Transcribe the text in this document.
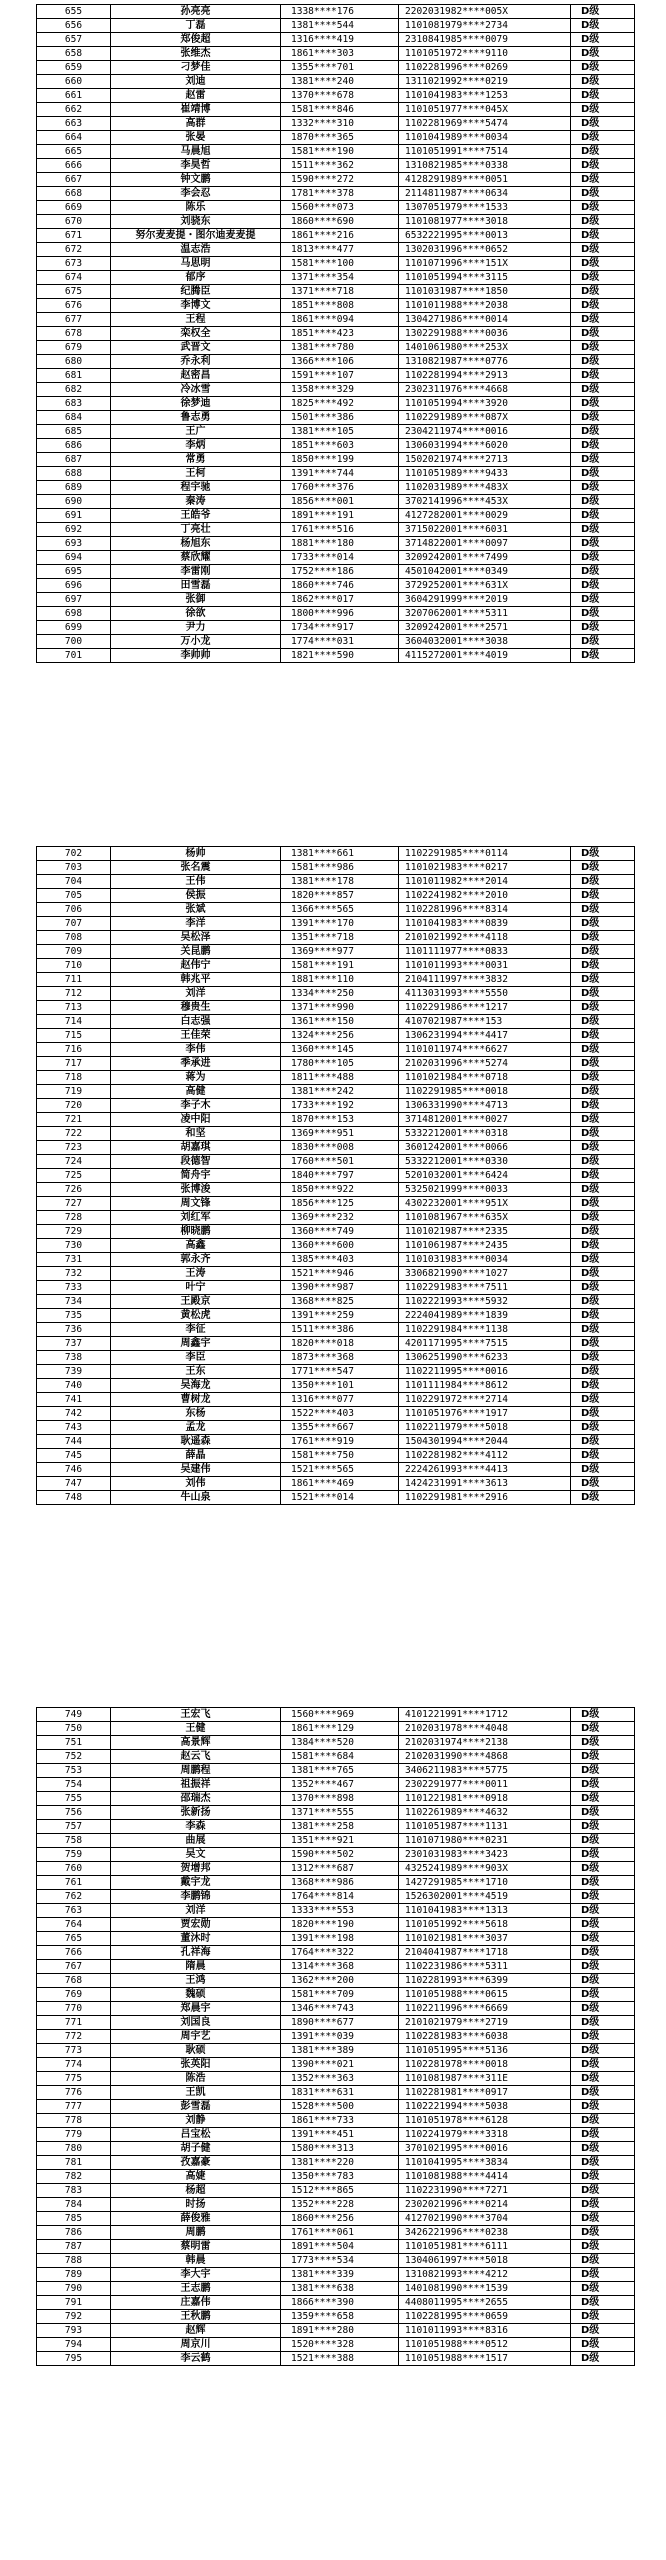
655	孙亮亮	1338****176	2202031982****005X	D级
656	丁磊	1381****544	1101081979****2734	D级
657	郑俊超	1316****419	2310841985****0079	D级
658	张维杰	1861****303	1101051972****9110	D级
659	刁梦佳	1355****701	1102281996****0269	D级
660	刘迪	1381****240	1311021992****0219	D级
661	赵雷	1370****678	1101041983****1253	D级
662	崔靖博	1581****846	1101051977****045X	D级
663	高群	1332****310	1102281969****5474	D级
664	张晏	1870****365	1101041989****0034	D级
665	马晨旭	1581****190	1101051991****7514	D级
666	李昊哲	1511****362	1310821985****0338	D级
667	钟文鹏	1590****272	4128291989****0051	D级
668	李会忍	1781****378	2114811987****0634	D级
669	陈乐	1560****073	1307051979****1533	D级
670	刘骁东	1860****690	1101081977****3018	D级
671	努尔麦麦提・图尔迪麦麦提	1861****216	6532221995****0013	D级
672	温志浩	1813****477	1302031996****0652	D级
673	马思明	1581****100	1101071996****151X	D级
674	郁序	1371****354	1101051994****3115	D级
675	纪腾臣	1371****718	1101031987****1850	D级
676	李博文	1851****808	1101011988****2038	D级
677	王程	1861****094	1304271986****0014	D级
678	栾权全	1851****423	1302291988****0036	D级
679	武晋文	1381****780	1401061980****253X	D级
680	乔永利	1366****106	1310821987****0776	D级
681	赵密昌	1591****107	1102281994****2913	D级
682	冷冰雪	1358****329	2302311976****4668	D级
683	徐梦迪	1825****492	1101051994****3920	D级
684	鲁志勇	1501****386	1102291989****087X	D级
685	王广	1381****105	2304211974****0016	D级
686	李炳	1851****603	1306031994****6020	D级
687	常勇	1850****199	1502021974****2713	D级
688	王柯	1391****744	1101051989****9433	D级
689	程宇驰	1760****376	1102031989****483X	D级
690	秦涛	1856****001	3702141996****453X	D级
691	王皓爷	1891****191	4127282001****0029	D级
692	丁亮壮	1761****516	3715022001****6031	D级
693	杨旭东	1881****180	3714822001****0097	D级
694	蔡欣耀	1733****014	3209242001****7499	D级
695	李雷刚	1752****186	4501042001****0349	D级
696	田雪磊	1860****746	3729252001****631X	D级
697	张御	1862****017	3604291999****2019	D级
698	徐欲	1800****996	3207062001****5311	D级
699	尹力	1734****917	3209242001****2571	D级
700	万小龙	1774****031	3604032001****3038	D级
701	李帅帅	1821****590	4115272001****4019	D级
702	杨帅	1381****661	1102291985****0114	D级
703	张名震	1581****986	1101021983****0217	D级
704	王伟	1381****178	1101011982****2014	D级
705	侯振	1820****857	1102241982****2010	D级
706	张斌	1366****565	1102281996****8314	D级
707	李洋	1391****170	1101041983****0839	D级
708	吴松泽	1351****718	2101021992****4118	D级
709	关昆鹏	1369****977	1101111977****0833	D级
710	赵伟宁	1581****191	1101011993****0031	D级
711	韩兆平	1881****110	2104111997****3832	D级
712	刘洋	1334****250	4113031993****5550	D级
713	穆贵生	1371****990	1102291986****1217	D级
714	白志强	1361****150	4107021987****153	D级
715	王佳荣	1324****256	1306231994****4417	D级
716	李伟	1360****145	1101011974****6627	D级
717	季承进	1780****105	2102031996****5274	D级
718	蒋为	1811****488	1101021984****0718	D级
719	高健	1381****242	1102291985****0018	D级
720	李子木	1733****192	1306331990****4713	D级
721	凌中阳	1870****153	3714812001****0027	D级
722	和坚	1369****951	5332212001****0318	D级
723	胡嘉琪	1830****008	3601242001****0066	D级
724	段德智	1760****501	5332212001****0330	D级
725	简舟宇	1840****797	5201032001****6424	D级
726	张博浚	1850****922	5325021999****0033	D级
727	周文锋	1856****125	4302232001****951X	D级
728	刘红军	1369****232	1101081967****635X	D级
729	柳晓鹏	1360****749	1101021987****2335	D级
730	高鑫	1360****600	1101061987****2435	D级
731	郭永齐	1385****403	1101031983****0034	D级
732	王涛	1521****946	3306821990****1027	D级
733	叶宁	1390****987	1102291983****7511	D级
734	王殿京	1368****825	1102221993****5932	D级
735	黄松虎	1391****259	2224041989****1839	D级
736	李征	1511****386	1102291984****1138	D级
737	周鑫宇	1820****018	4201171995****7515	D级
738	李臣	1873****368	1306251990****6233	D级
739	王东	1771****547	1102211995****0016	D级
740	吴海龙	1350****101	1101111984****8612	D级
741	曹树龙	1316****077	1102291972****2714	D级
742	东杨	1522****403	1101051976****1917	D级
743	孟龙	1355****667	1102211979****5018	D级
744	耿遥森	1761****919	1504301994****2044	D级
745	薛晶	1581****750	1102281982****4112	D级
746	吴建伟	1521****565	2224261993****4413	D级
747	刘伟	1861****469	1424231991****3613	D级
748	牛山泉	1521****014	1102291981****2916	D级
749	王宏飞	1560****969	4101221991****1712	D级
750	王健	1861****129	2102031978****4048	D级
751	高景辉	1384****520	2102031974****2138	D级
752	赵云飞	1581****684	2102031990****4868	D级
753	周鹏程	1381****765	3406211983****5775	D级
754	祖振祥	1352****467	2302291977****0011	D级
755	邵瑞杰	1370****898	1101221981****0918	D级
756	张新扬	1371****555	1102261989****4632	D级
757	李森	1381****258	1101051987****1131	D级
758	曲展	1351****921	1101071980****0231	D级
759	吴文	1590****502	2301031983****3423	D级
760	贺增邦	1312****687	4325241989****903X	D级
761	戴宇龙	1368****986	1427291985****1710	D级
762	李鹏锦	1764****814	1526302001****4519	D级
763	刘洋	1333****553	1101041983****1313	D级
764	贾宏勋	1820****190	1101051992****5618	D级
765	董沐时	1391****198	1101021981****3037	D级
766	孔祥海	1764****322	2104041987****1718	D级
767	隋晨	1314****368	1102231986****5311	D级
768	王鸿	1362****200	1102281993****6399	D级
769	魏硕	1581****709	1101051988****0615	D级
770	郑晨宇	1346****743	1102211996****6669	D级
771	刘国良	1890****677	2101021979****2719	D级
772	周宇艺	1391****039	1102281983****6038	D级
773	耿硕	1381****389	1101051995****5136	D级
774	张英阳	1390****021	1102281978****0018	D级
775	陈浩	1352****363	1101081987****311E	D级
776	王凯	1831****631	1102281981****0917	D级
777	彭雪磊	1528****500	1102221994****5038	D级
778	刘静	1861****733	1101051978****6128	D级
779	吕宝松	1391****451	1102241979****3318	D级
780	胡子健	1580****313	3701021995****0016	D级
781	孜嘉豪	1381****220	1101041995****3834	D级
782	高婕	1350****783	1101081988****4414	D级
783	杨超	1512****865	1102231990****7271	D级
784	时扬	1352****228	2302021996****0214	D级
785	薛俊雅	1860****256	4127021990****3704	D级
786	周鹏	1761****061	3426221996****0238	D级
787	蔡明雷	1891****504	1101051981****6111	D级
788	韩晨	1773****534	1304061997****5018	D级
789	李大宇	1381****339	1310821993****4212	D级
790	王志鹏	1381****638	1401081990****1539	D级
791	庄嘉伟	1866****390	4408011995****2655	D级
792	王秋鹏	1359****658	1102281995****0659	D级
793	赵辉	1891****280	1101011993****8316	D级
794	周京川	1520****328	1101051988****0512	D级
795	李云鹤	1521****388	1101051988****1517	D级
